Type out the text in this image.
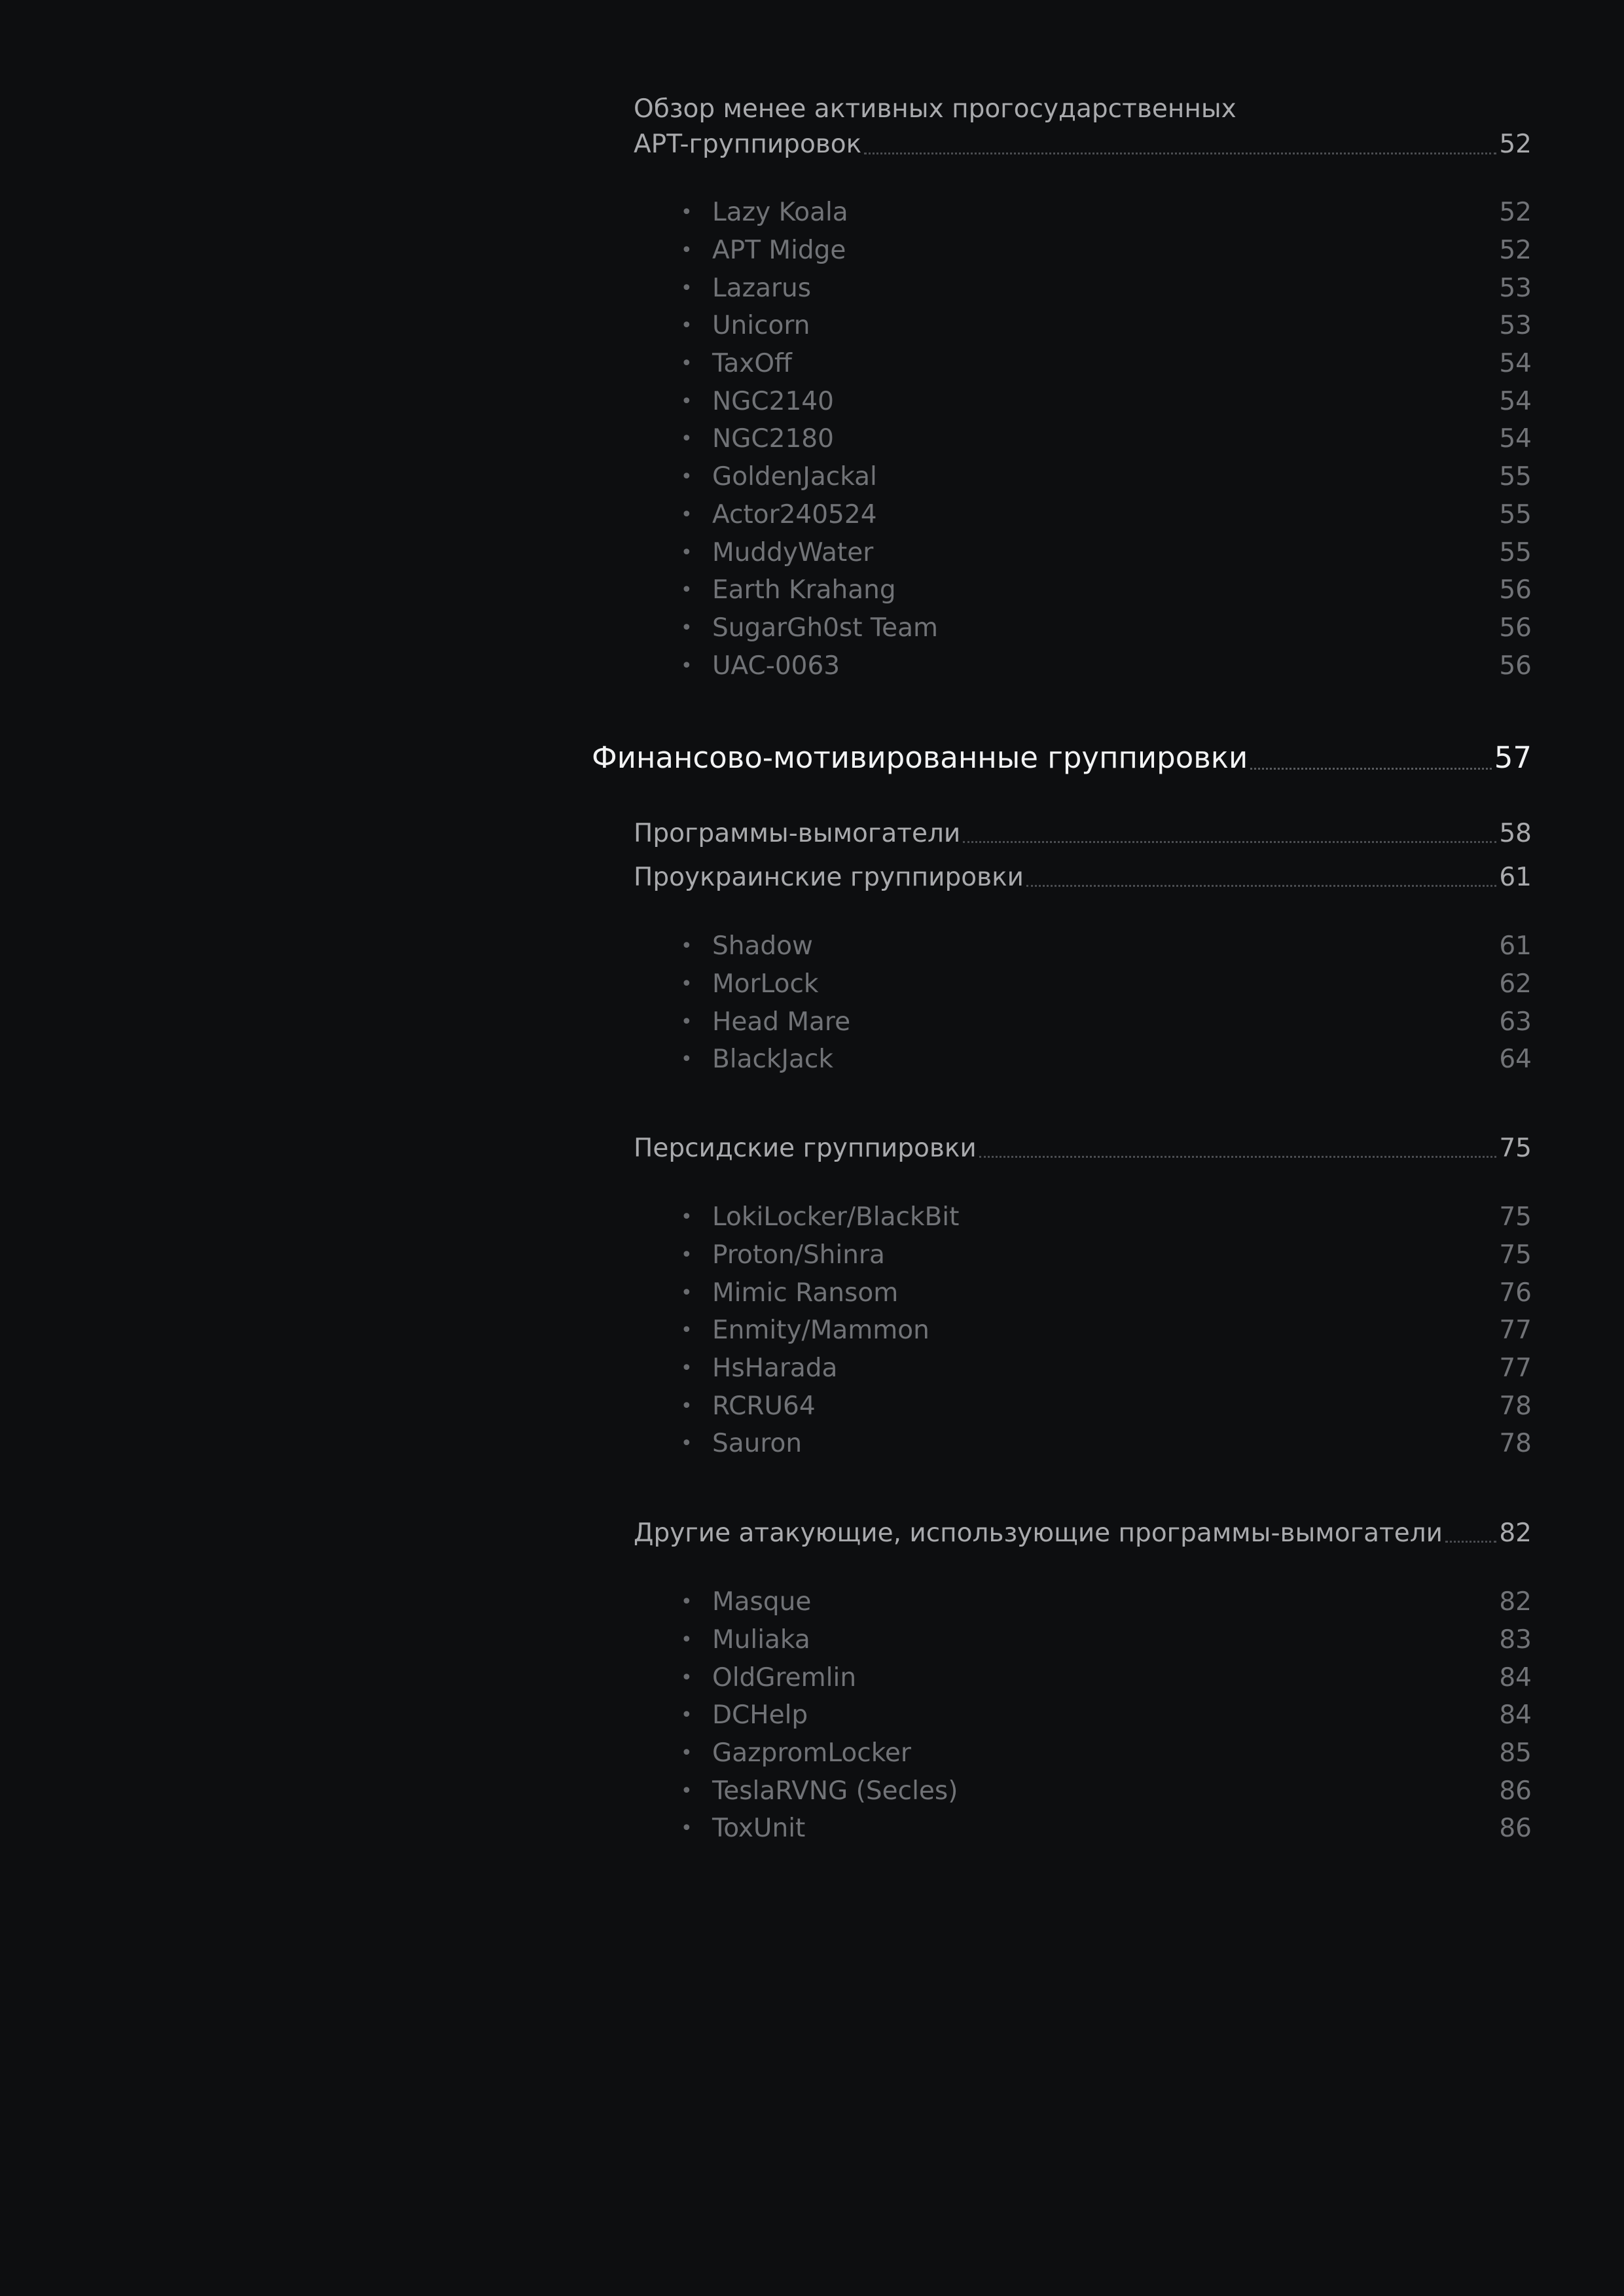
Обзор менее активных прогосударственных
APT-группировок	52
• Lazy Koala	52
• APT Midge	52
• Lazarus	53
• Unicorn	53
• TaxOff	54
• NGC2140	54
• NGC2180	54
• GoldenJackal	55
• Actor240524	55
• MuddyWater	55
• Earth Krahang	56
• SugarGh0st Team	56
• UAC-0063	56
Финансово-мотивированные группировки	57
Программы-вымогатели	58
Проукраинские группировки	61
• Shadow	61
• MorLock	62
• Head Mare	63
• BlackJack	64
Персидские группировки	75
• LokiLocker/BlackBit	75
• Proton/Shinra	75
• Mimic Ransom	76
• Enmity/Mammon	77
• HsHarada	77
• RCRU64	78
• Sauron	78
Другие атакующие, использующие программы-вымогатели 82
• Masque	82
• Muliaka	83
• OldGremlin	84
• DCHelp	84
• GazpromLocker	85
• TeslaRVNG (Secles)	86
• ToxUnit	86
